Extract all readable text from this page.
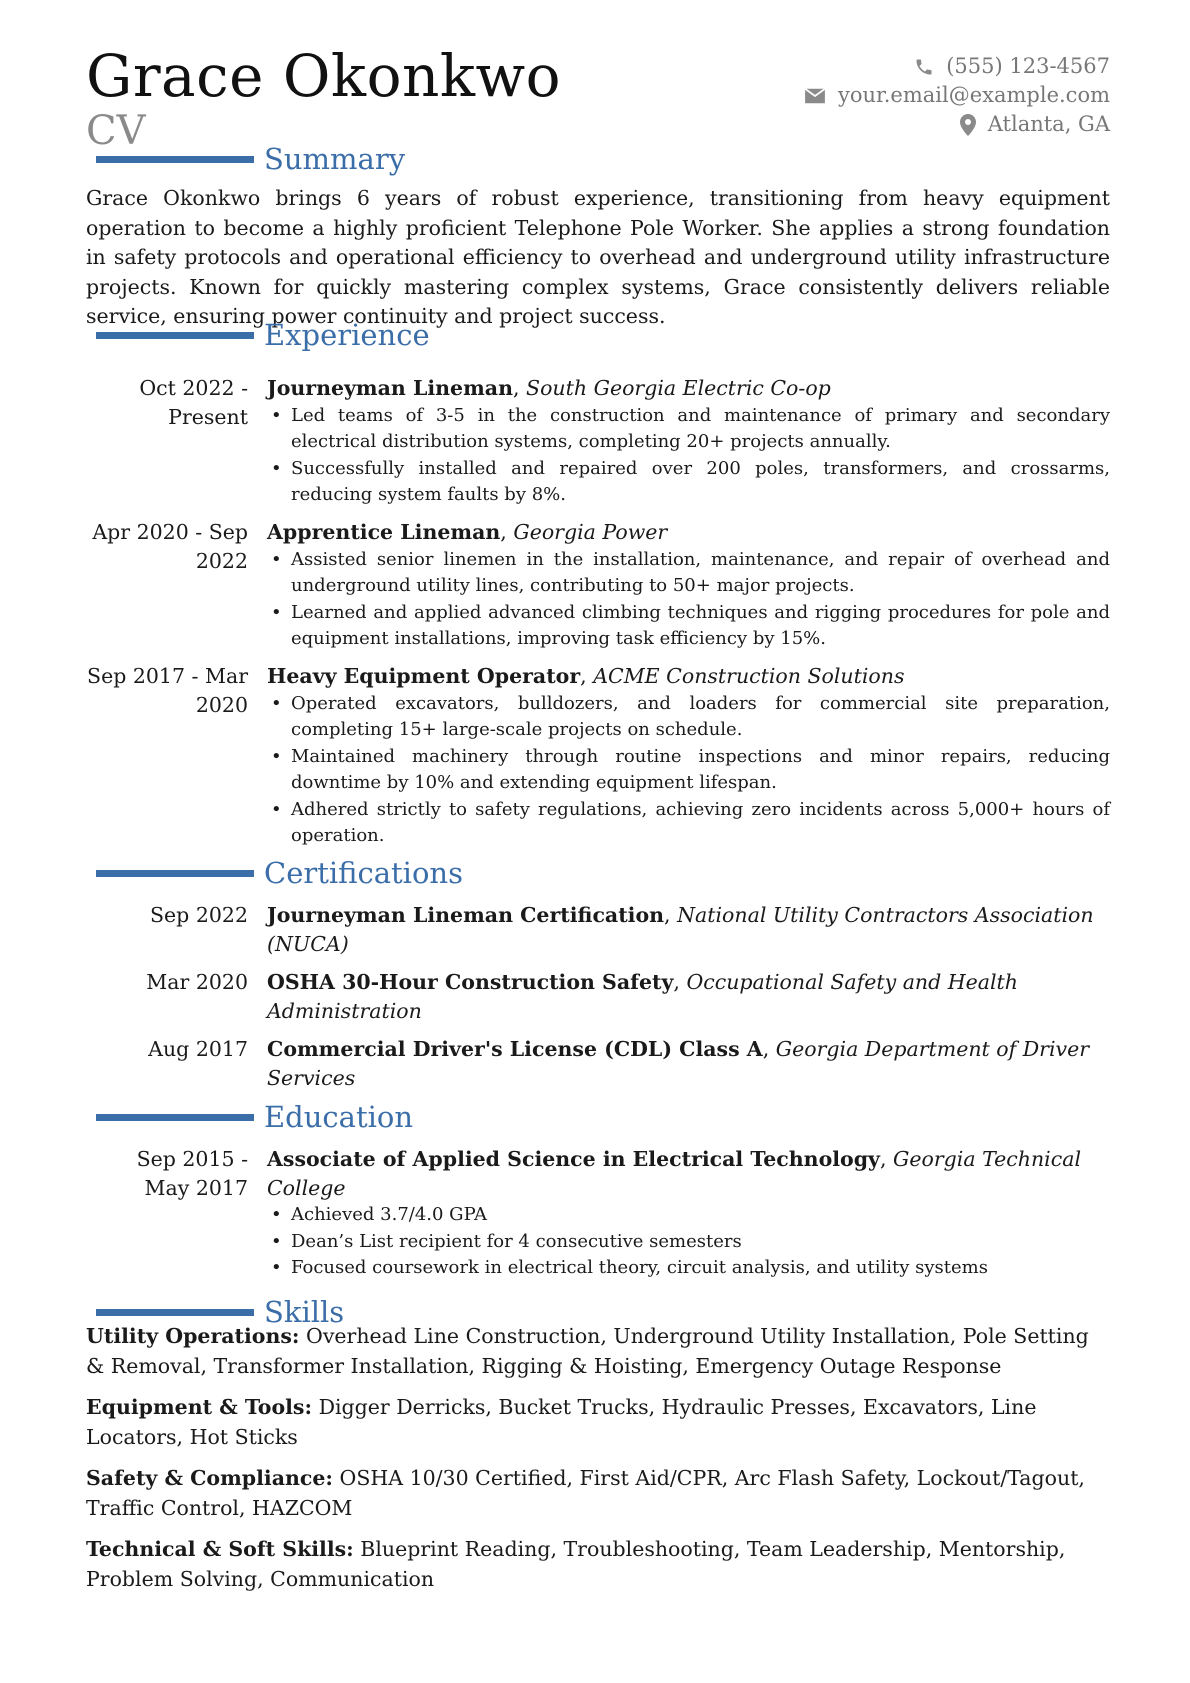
Grace Okonkwo
CV
(555) 123-4567
your.email@example.com
Atlanta, GA
Summary
Grace Okonkwo brings 6 years of robust experience, transitioning from heavy equipment operation to become a highly proficient Telephone Pole Worker. She applies a strong foundation in safety protocols and operational efficiency to overhead and underground utility infrastructure projects. Known for quickly mastering complex systems, Grace consistently delivers reliable service, ensuring power continuity and project success.
Experience
Oct 2022 - Present
Journeyman Lineman, South Georgia Electric Co-op
• Led teams of 3-5 in the construction and maintenance of primary and secondary electrical distribution systems, completing 20+ projects annually.
• Successfully installed and repaired over 200 poles, transformers, and crossarms, reducing system faults by 8%.
Apr 2020 - Sep 2022
Apprentice Lineman, Georgia Power
• Assisted senior linemen in the installation, maintenance, and repair of overhead and underground utility lines, contributing to 50+ major projects.
• Learned and applied advanced climbing techniques and rigging procedures for pole and equipment installations, improving task efficiency by 15%.
Sep 2017 - Mar 2020
Heavy Equipment Operator, ACME Construction Solutions
• Operated excavators, bulldozers, and loaders for commercial site preparation, completing 15+ large-scale projects on schedule.
• Maintained machinery through routine inspections and minor repairs, reducing downtime by 10% and extending equipment lifespan.
• Adhered strictly to safety regulations, achieving zero incidents across 5,000+ hours of operation.
Certifications
Sep 2022 Journeyman Lineman Certification, National Utility Contractors Association (NUCA)
Mar 2020 OSHA 30-Hour Construction Safety, Occupational Safety and Health Administration
Aug 2017 Commercial Driver's License (CDL) Class A, Georgia Department of Driver Services
Education
Sep 2015 - May 2017
Associate of Applied Science in Electrical Technology, Georgia Technical College
• Achieved 3.7/4.0 GPA
• Dean’s List recipient for 4 consecutive semesters
• Focused coursework in electrical theory, circuit analysis, and utility systems
Skills
Utility Operations: Overhead Line Construction, Underground Utility Installation, Pole Setting & Removal, Transformer Installation, Rigging & Hoisting, Emergency Outage Response
Equipment & Tools: Digger Derricks, Bucket Trucks, Hydraulic Presses, Excavators, Line Locators, Hot Sticks
Safety & Compliance: OSHA 10/30 Certified, First Aid/CPR, Arc Flash Safety, Lockout/Tagout, Traffic Control, HAZCOM
Technical & Soft Skills: Blueprint Reading, Troubleshooting, Team Leadership, Mentorship, Problem Solving, Communication
